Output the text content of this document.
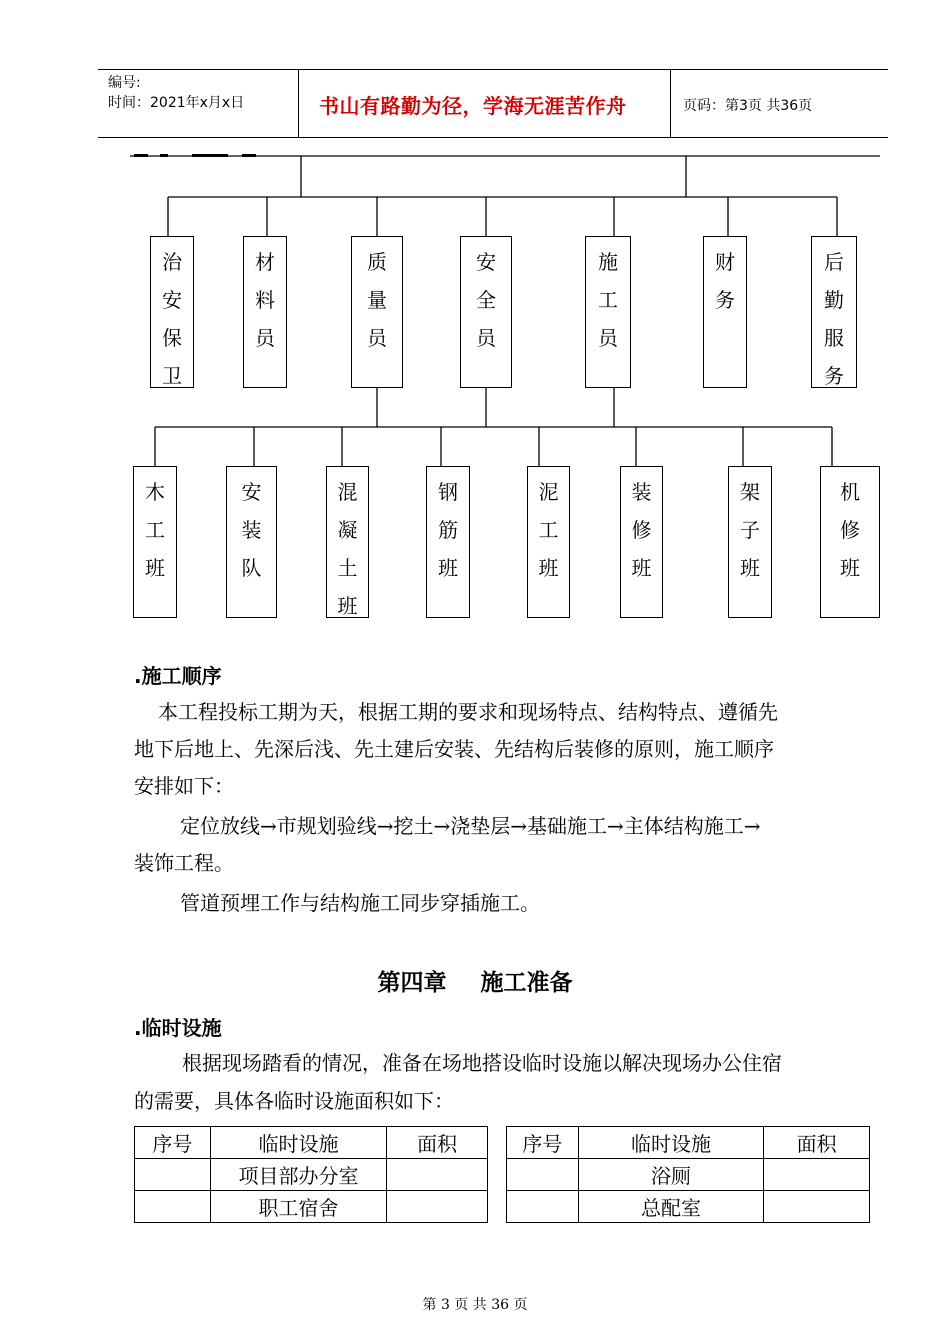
编号:
时间：2021年x月x日	书山有路勤为径，学海无涯苦作舟	页码：第3页 共36页
治
安
保
卫
材
料
员
质
量
员
安
全
员
施
工
员
财
务
后
勤
服
务
木
工
班
安
装
队
混
凝
土
班
钢
筋
班
泥
工
班
装
修
班
架
子
班
机
修
班
.施工顺序
本工程投标工期为天，根据工期的要求和现场特点、结构特点、遵循先
地下后地上、先深后浅、先土建后安装、先结构后装修的原则，施工顺序
安排如下：
定位放线→市规划验线→挖土→浇垫层→基础施工→主体结构施工→
装饰工程。
管道预埋工作与结构施工同步穿插施工。
第四章 施工准备
.临时设施
根据现场踏看的情况，准备在场地搭设临时设施以解决现场办公住宿
的需要，具体各临时设施面积如下：
序号	临时设施	面积
	项目部办分室	
	职工宿舍	
序号	临时设施	面积
	浴厕	
	总配室	
第 3 页 共 36 页
